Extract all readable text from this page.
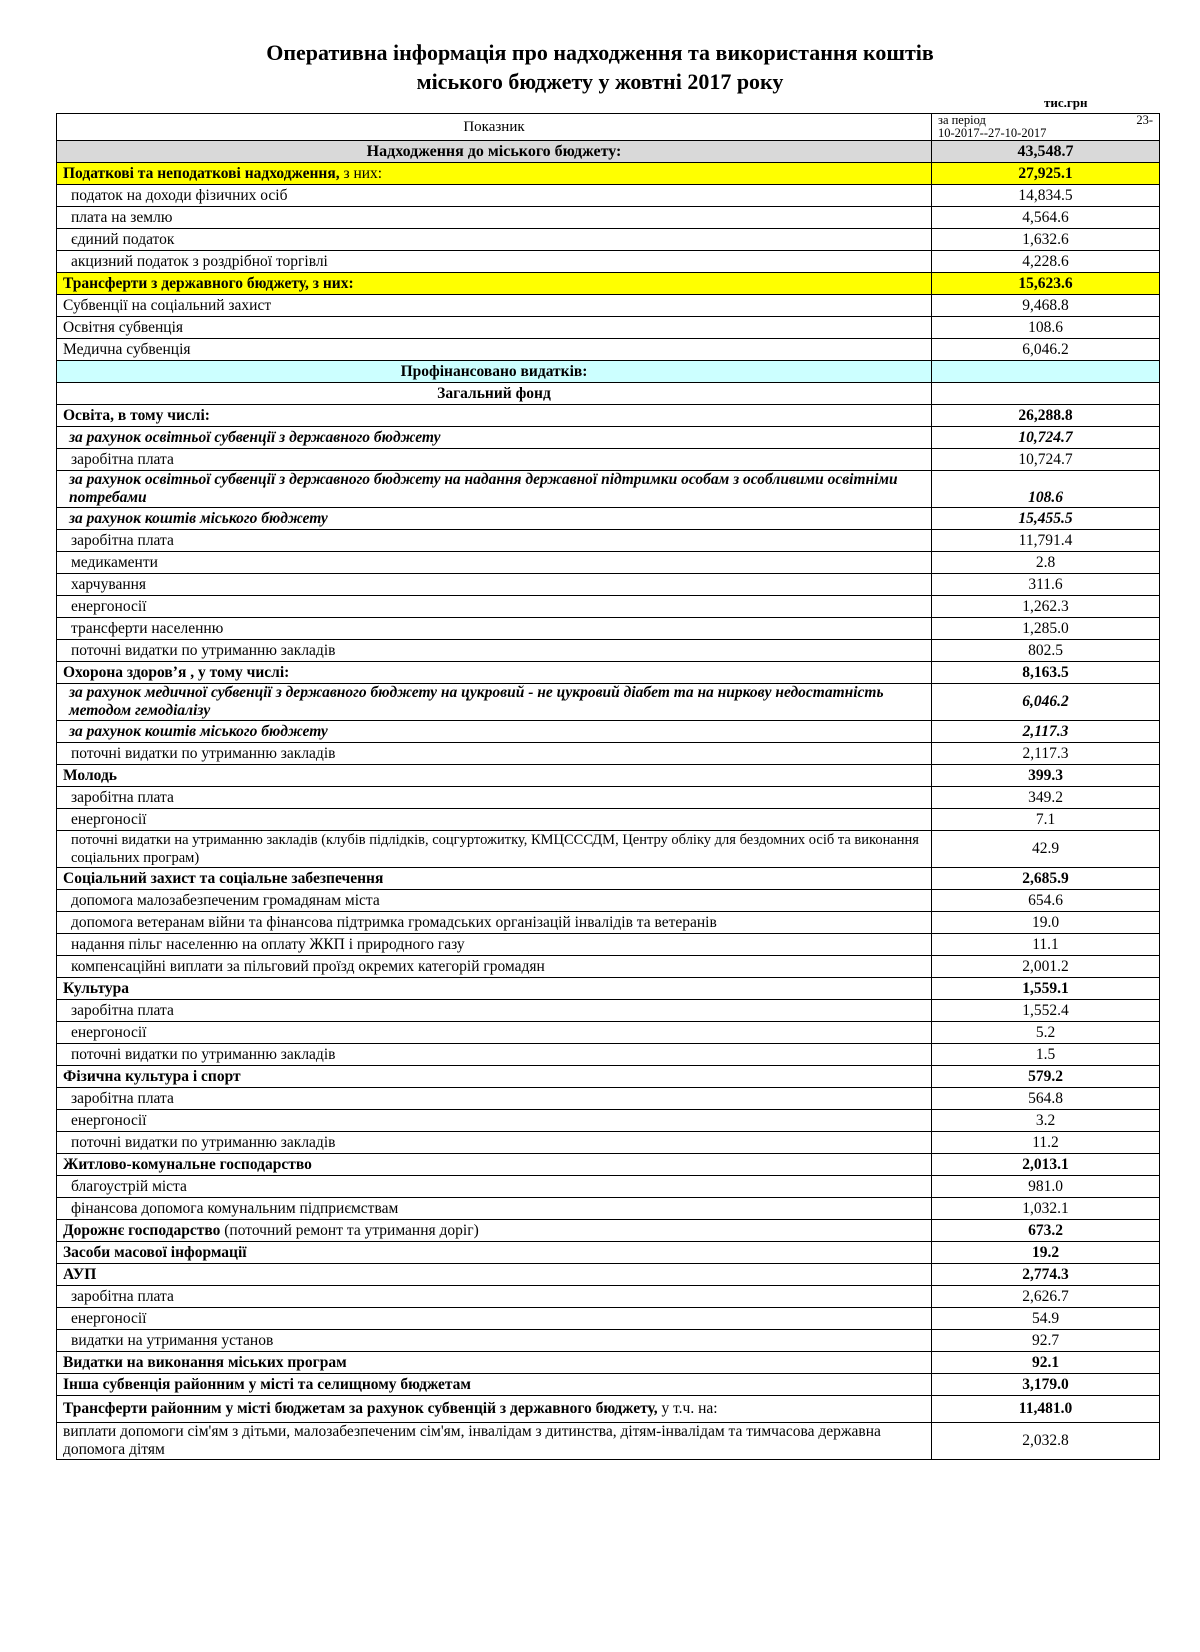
Оперативна інформація про надходження та використання коштів
міського бюджету у жовтні 2017 року
тис.грн
Показник	за період 23-
10-2017--27-10-2017

Надходження до міського бюджету:	43,548.7
Податкові та неподаткові надходження, з них:	27,925.1
податок на доходи фізичних осіб	14,834.5
плата на землю	4,564.6
єдиний податок	1,632.6
акцизний податок з роздрібної торгівлі	4,228.6
Трансферти з державного бюджету, з них:	15,623.6
Субвенції на соціальний захист	9,468.8
Освітня субвенція	108.6
Медична субвенція	6,046.2
Профінансовано видатків:	
Загальний фонд	
Освіта, в тому числі:	26,288.8
за рахунок освітньої субвенції з державного бюджету	10,724.7
заробітна плата	10,724.7
за рахунок освітньої субвенції з державного бюджету на надання державної підтримки особам з особливими освітніми потребами	108.6
за рахунок коштів міського бюджету	15,455.5
заробітна плата	11,791.4
медикаменти	2.8
харчування	311.6
енергоносії	1,262.3
трансферти населенню	1,285.0
поточні видатки по утриманню закладів	802.5
Охорона здоров’я , у тому числі:	8,163.5
за рахунок медичної субвенції з державного бюджету на цукровий - не цукровий діабет та на ниркову недостатність методом гемодіалізу	6,046.2
за рахунок коштів міського бюджету	2,117.3
поточні видатки по утриманню закладів	2,117.3
Молодь	399.3
заробітна плата	349.2
енергоносії	7.1
поточні видатки на утриманню закладів (клубів підлідків, соцгуртожитку, КМЦСССДМ, Центру обліку для бездомних осіб та виконання соціальних програм)	42.9
Соціальний захист та соціальне забезпечення	2,685.9
допомога малозабезпеченим громадянам міста	654.6
допомога ветеранам війни та фінансова підтримка громадських організацій інвалідів та ветеранів	19.0
надання пільг населенню на оплату ЖКП і природного газу	11.1
компенсаційні виплати за пільговий проїзд окремих категорій громадян	2,001.2
Культура	1,559.1
заробітна плата	1,552.4
енергоносії	5.2
поточні видатки по утриманню закладів	1.5
Фізична культура і спорт	579.2
заробітна плата	564.8
енергоносії	3.2
поточні видатки по утриманню закладів	11.2
Житлово-комунальне господарство	2,013.1
благоустрій міста	981.0
фінансова допомога комунальним підприємствам	1,032.1
Дорожнє господарство (поточний ремонт та утримання доріг)	673.2
Засоби масової інформації	19.2
АУП	2,774.3
заробітна плата	2,626.7
енергоносії	54.9
видатки на утримання установ	92.7
Видатки на виконання міських програм	92.1
Інша субвенція районним у місті та селищному бюджетам	3,179.0
Трансферти районним у місті бюджетам за рахунок субвенцій з державного бюджету, у т.ч. на:	11,481.0
виплати допомоги сім'ям з дітьми, малозабезпеченим сім'ям, інвалідам з дитинства, дітям-інвалідам та тимчасова державна допомога дітям	2,032.8
